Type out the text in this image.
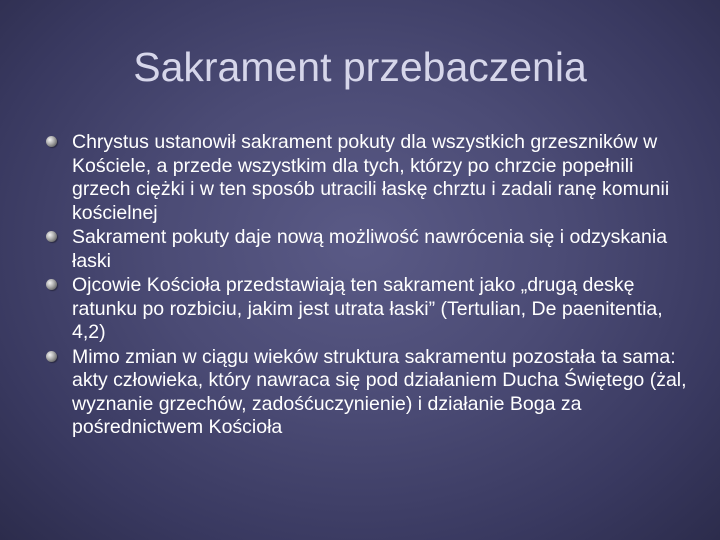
Sakrament przebaczenia
Chrystus ustanowił sakrament pokuty dla wszystkich grzeszników w Kościele, a przede wszystkim dla tych, którzy po chrzcie popełnili grzech ciężki i w ten sposób utracili łaskę chrztu i zadali ranę komunii kościelnej
Sakrament pokuty daje nową możliwość nawrócenia się i odzyskania łaski
Ojcowie Kościoła przedstawiają ten sakrament jako „drugą deskę ratunku po rozbiciu, jakim jest utrata łaski” (Tertulian, De paenitentia, 4,2)
Mimo zmian w ciągu wieków struktura sakramentu pozostała ta sama: akty człowieka, który nawraca się pod działaniem Ducha Świętego (żal, wyznanie grzechów, zadośćuczynienie) i działanie Boga za pośrednictwem Kościoła
